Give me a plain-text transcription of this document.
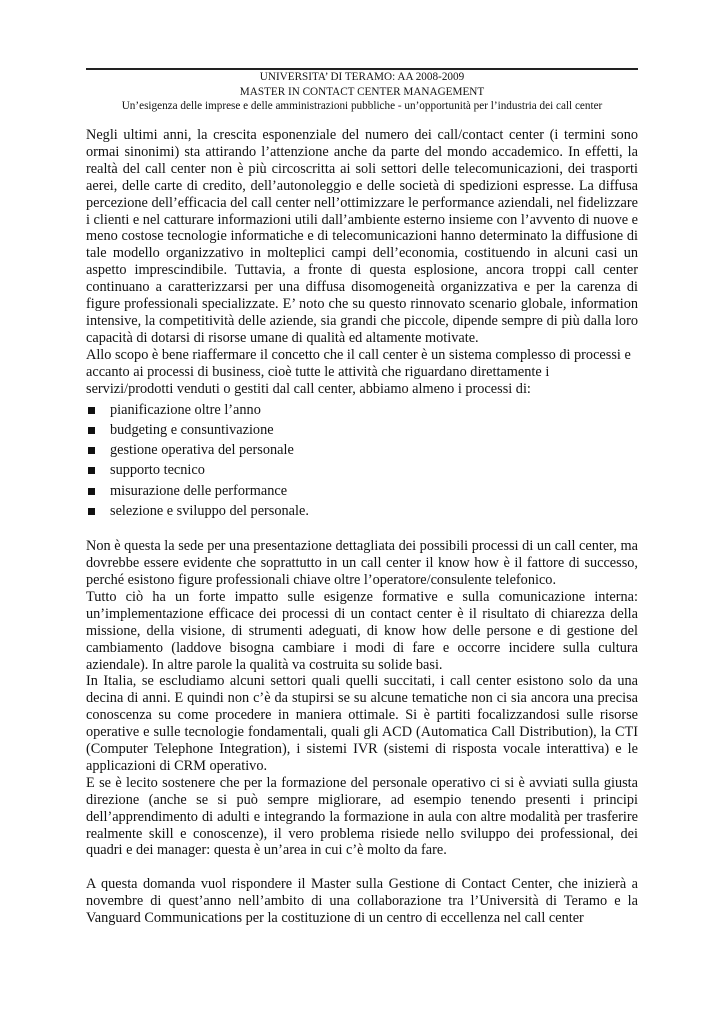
UNIVERSITA’ DI TERAMO: AA 2008-2009
MASTER IN CONTACT CENTER MANAGEMENT
Un’esigenza delle imprese e delle amministrazioni pubbliche - un’opportunità per l’industria dei call center

Negli ultimi anni, la crescita esponenziale del numero dei call/contact center (i termini sono ormai sinonimi) sta attirando l’attenzione anche da parte del mondo accademico. In effetti, la realtà del call center non è più circoscritta ai soli settori delle telecomunicazioni, dei trasporti aerei, delle carte di credito, dell’autonoleggio e delle società di spedizioni espresse. La diffusa percezione dell’efficacia del call center nell’ottimizzare le performance aziendali, nel fidelizzare i clienti e nel catturare informazioni utili dall’ambiente esterno insieme con l’avvento di nuove e meno costose tecnologie informatiche e di telecomunicazioni hanno determinato la diffusione di tale modello organizzativo in molteplici campi dell’economia, costituendo in alcuni casi un aspetto imprescindibile. Tuttavia, a fronte di questa esplosione, ancora troppi call center continuano a caratterizzarsi per una diffusa disomogeneità organizzativa e per la carenza di figure professionali specializzate. E’ noto che su questo rinnovato scenario globale, information intensive, la competitività delle aziende, sia grandi che piccole, dipende sempre di più dalla loro capacità di dotarsi di risorse umane di qualità ed altamente motivate.

Allo scopo è bene riaffermare il concetto che il call center è un sistema complesso di processi e accanto ai processi di business, cioè tutte le attività che riguardano direttamente i servizi/prodotti venduti o gestiti dal call center, abbiamo almeno i processi di:

pianificazione oltre l’anno
budgeting e consuntivazione
gestione operativa del personale
supporto tecnico
misurazione delle performance
selezione e sviluppo del personale.

Non è questa la sede per una presentazione dettagliata dei possibili processi di un call center, ma dovrebbe essere evidente che soprattutto in un call center il know how è il fattore di successo, perché esistono figure professionali chiave oltre l’operatore/consulente telefonico.

Tutto ciò ha un forte impatto sulle esigenze formative e sulla comunicazione interna: un’implementazione efficace dei processi di un contact center è il risultato di chiarezza della missione, della visione, di strumenti adeguati, di know how delle persone e di gestione del cambiamento (laddove bisogna cambiare i modi di fare e occorre incidere sulla cultura aziendale). In altre parole la qualità va costruita su solide basi.

In Italia, se escludiamo alcuni settori quali quelli succitati, i call center esistono solo da una decina di anni. E quindi non c’è da stupirsi se su alcune tematiche non ci sia ancora una precisa conoscenza su come procedere in maniera ottimale. Si è partiti focalizzandosi sulle risorse operative e sulle tecnologie fondamentali, quali gli ACD (Automatica Call Distribution), la CTI (Computer Telephone Integration), i sistemi IVR (sistemi di risposta vocale interattiva) e le applicazioni di CRM operativo.

E se è lecito sostenere che per la formazione del personale operativo ci si è avviati sulla giusta direzione (anche se si può sempre migliorare, ad esempio tenendo presenti i principi dell’apprendimento di adulti e integrando la formazione in aula con altre modalità per trasferire realmente skill e conoscenze), il vero problema risiede nello sviluppo dei professional, dei quadri e dei manager: questa è un’area in cui c’è molto da fare.

A questa domanda vuol rispondere il Master sulla Gestione di Contact Center, che inizierà a novembre di quest’anno nell’ambito di una collaborazione tra l’Università di Teramo e la Vanguard Communications per la costituzione di un centro di eccellenza nel call center
